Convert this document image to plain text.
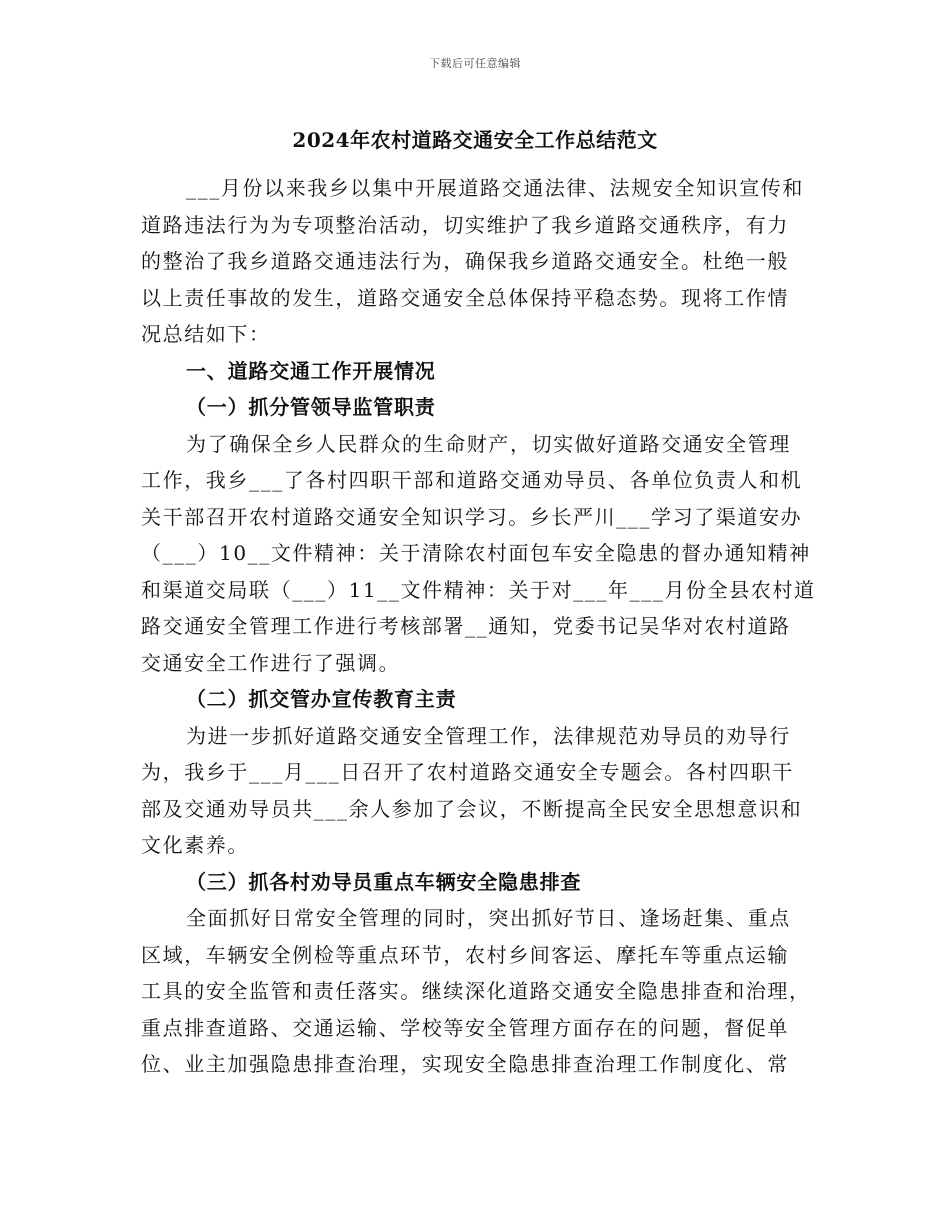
下载后可任意编辑
2024年农村道路交通安全工作总结范文
___月份以来我乡以集中开展道路交通法律、法规安全知识宣传和
道路违法行为为专项整治活动，切实维护了我乡道路交通秩序，有力
的整治了我乡道路交通违法行为，确保我乡道路交通安全。杜绝一般
以上责任事故的发生，道路交通安全总体保持平稳态势。现将工作情
况总结如下：
一、道路交通工作开展情况
（一）抓分管领导监管职责
为了确保全乡人民群众的生命财产，切实做好道路交通安全管理
工作，我乡___了各村四职干部和道路交通劝导员、各单位负责人和机
关干部召开农村道路交通安全知识学习。乡长严川___学习了渠道安办
（___）10__文件精神：关于清除农村面包车安全隐患的督办通知精神
和渠道交局联（___）11__文件精神：关于对___年___月份全县农村道
路交通安全管理工作进行考核部署__通知，党委书记吴华对农村道路
交通安全工作进行了强调。
（二）抓交管办宣传教育主责
为进一步抓好道路交通安全管理工作，法律规范劝导员的劝导行
为，我乡于___月___日召开了农村道路交通安全专题会。各村四职干
部及交通劝导员共___余人参加了会议，不断提高全民安全思想意识和
文化素养。
（三）抓各村劝导员重点车辆安全隐患排查
全面抓好日常安全管理的同时，突出抓好节日、逢场赶集、重点
区域，车辆安全例检等重点环节，农村乡间客运、摩托车等重点运输
工具的安全监管和责任落实。继续深化道路交通安全隐患排查和治理，
重点排查道路、交通运输、学校等安全管理方面存在的问题，督促单
位、业主加强隐患排查治理，实现安全隐患排查治理工作制度化、常
